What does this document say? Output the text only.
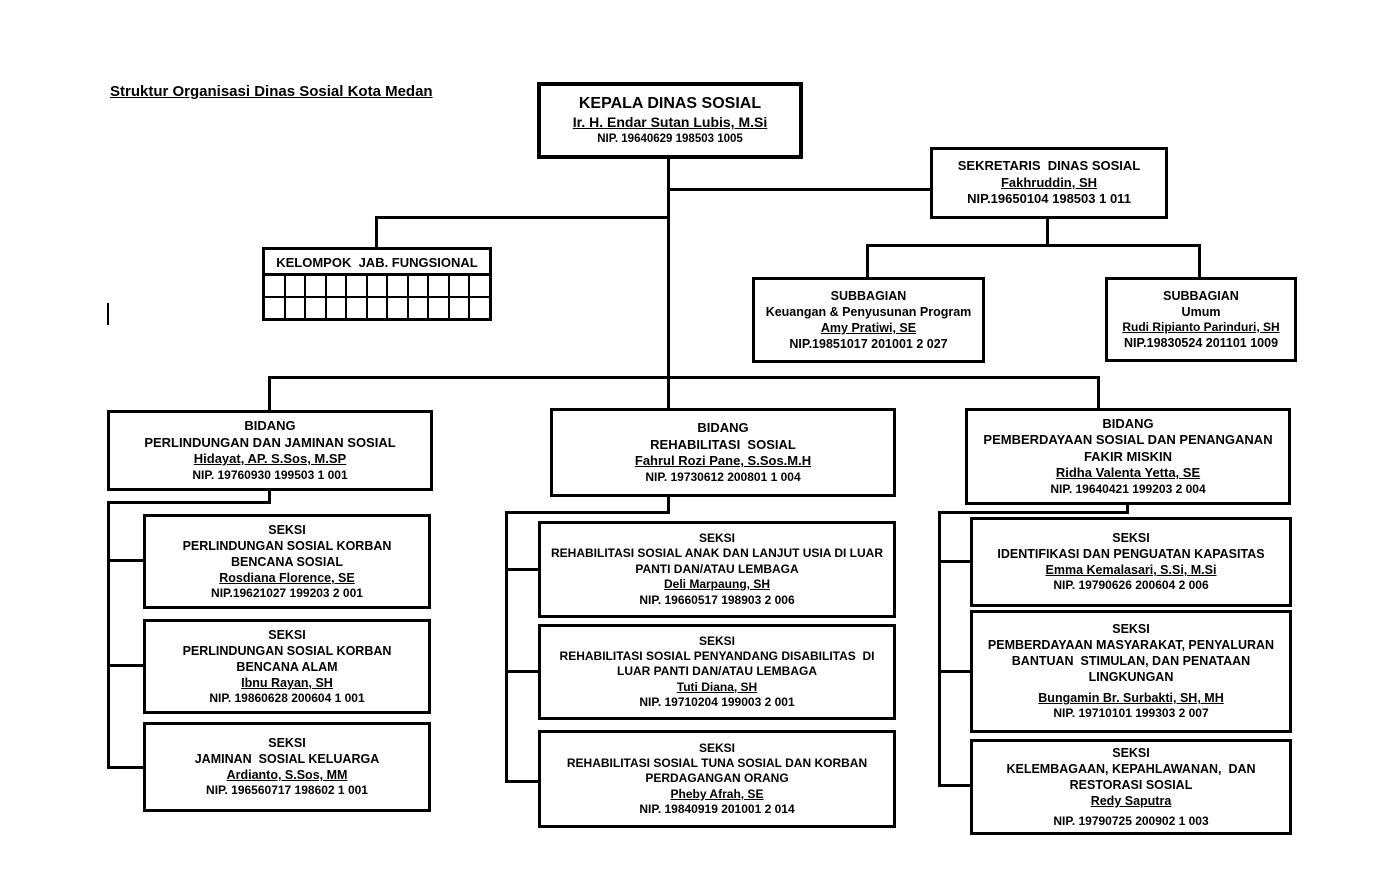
Struktur Organisasi Dinas Sosial Kota Medan
KEPALA DINAS SOSIAL
Ir. H. Endar Sutan Lubis, M.Si
NIP. 19640629 198503 1005
SEKRETARIS  DINAS SOSIAL
Fakhruddin, SH
NIP.19650104 198503 1 011
KELOMPOK  JAB. FUNGSIONAL
SUBBAGIAN
Keuangan & Penyusunan Program
Amy Pratiwi, SE
NIP.19851017 201001 2 027
SUBBAGIAN
Umum
Rudi Ripianto Parinduri, SH
NIP.19830524 201101 1009
BIDANG
PERLINDUNGAN DAN JAMINAN SOSIAL
Hidayat, AP. S.Sos, M.SP
NIP. 19760930 199503 1 001
BIDANG
REHABILITASI  SOSIAL
Fahrul Rozi Pane, S.Sos.M.H
NIP. 19730612 200801 1 004
BIDANG
PEMBERDAYAAN SOSIAL DAN PENANGANAN
FAKIR MISKIN
Ridha Valenta Yetta, SE
NIP. 19640421 199203 2 004
SEKSI
PERLINDUNGAN SOSIAL KORBAN
BENCANA SOSIAL
Rosdiana Florence, SE
NIP.19621027 199203 2 001
SEKSI
PERLINDUNGAN SOSIAL KORBAN
BENCANA ALAM
Ibnu Rayan, SH
NIP. 19860628 200604 1 001
SEKSI
JAMINAN  SOSIAL KELUARGA
Ardianto, S.Sos, MM
NIP. 196560717 198602 1 001
SEKSI
REHABILITASI SOSIAL ANAK DAN LANJUT USIA DI LUAR
PANTI DAN/ATAU LEMBAGA
Deli Marpaung, SH
NIP. 19660517 198903 2 006
SEKSI
REHABILITASI SOSIAL PENYANDANG DISABILITAS  DI
LUAR PANTI DAN/ATAU LEMBAGA
Tuti Diana, SH
NIP. 19710204 199003 2 001
SEKSI
REHABILITASI SOSIAL TUNA SOSIAL DAN KORBAN
PERDAGANGAN ORANG
Pheby Afrah, SE
NIP. 19840919 201001 2 014
SEKSI
IDENTIFIKASI DAN PENGUATAN KAPASITAS
Emma Kemalasari, S.Si, M.Si
NIP. 19790626 200604 2 006
SEKSI
PEMBERDAYAAN MASYARAKAT, PENYALURAN
BANTUAN  STIMULAN, DAN PENATAAN
LINGKUNGAN
Bungamin Br. Surbakti, SH, MH
NIP. 19710101 199303 2 007
SEKSI
KELEMBAGAAN, KEPAHLAWANAN,  DAN
RESTORASI SOSIAL
Redy Saputra
NIP. 19790725 200902 1 003
